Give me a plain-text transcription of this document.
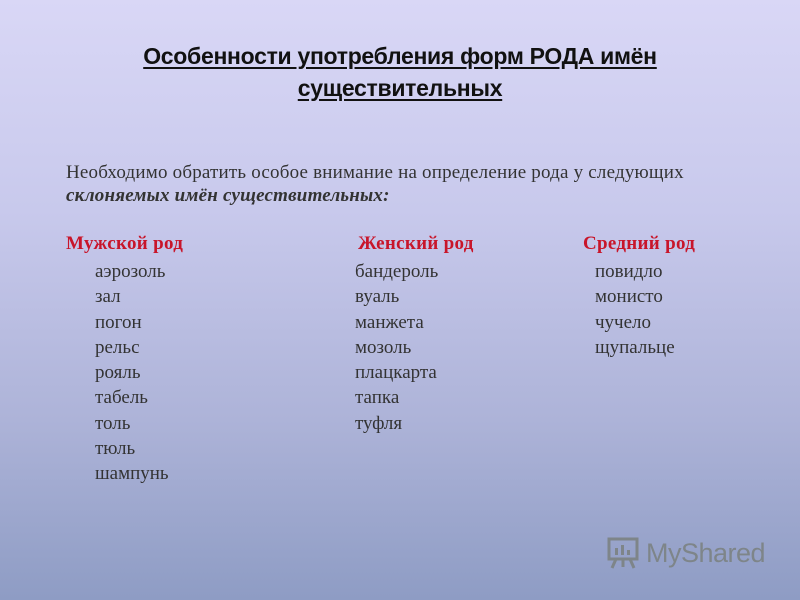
Особенности употребления форм РОДА имён
существительных
Необходимо обратить особое внимание на определение рода у следующих склоняемых имён существительных:
Мужской род	Женский род	Средний род
аэрозоль
зал
погон
рельс
рояль
табель
толь
тюль
шампунь
бандероль
вуаль
манжета
мозоль
плацкарта
тапка
туфля
повидло
монисто
чучело
щупальце
MyShared
